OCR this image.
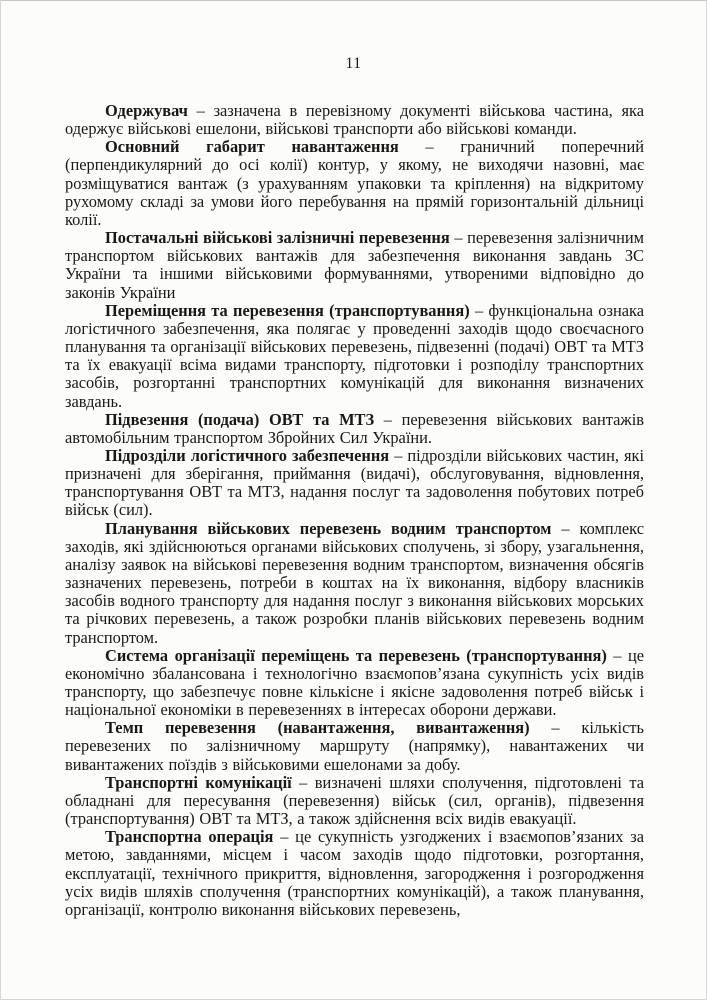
11

Одержувач – зазначена в перевізному документі військова частина, яка одержує військові ешелони, військові транспорти або військові команди.

Основний габарит навантаження – граничний поперечний (перпендикулярний до осі колії) контур, у якому, не виходячи назовні, має розміщуватися вантаж (з урахуванням упаковки та кріплення) на відкритому рухомому складі за умови його перебування на прямій горизонтальній дільниці колії.

Постачальні військові залізничні перевезення – перевезення залізничним транспортом військових вантажів для забезпечення виконання завдань ЗС України та іншими військовими формуваннями, утвореними відповідно до законів України

Переміщення та перевезення (транспортування) – функціональна ознака логістичного забезпечення, яка полягає у проведенні заходів щодо своєчасного планування та організації військових перевезень, підвезенні (подачі) ОВТ та МТЗ та їх евакуації всіма видами транспорту, підготовки і розподілу транспортних засобів, розгортанні транспортних комунікацій для виконання визначених завдань.

Підвезення (подача) ОВТ та МТЗ – перевезення військових вантажів автомобільним транспортом Збройних Сил України.

Підрозділи логістичного забезпечення – підрозділи військових частин, які призначені для зберігання, приймання (видачі), обслуговування, відновлення, транспортування ОВТ та МТЗ, надання послуг та задоволення побутових потреб військ (сил).

Планування військових перевезень водним транспортом – комплекс заходів, які здійснюються органами військових сполучень, зі збору, узагальнення, аналізу заявок на військові перевезення водним транспортом, визначення обсягів зазначених перевезень, потреби в коштах на їх виконання, відбору власників засобів водного транспорту для надання послуг з виконання військових морських та річкових перевезень, а також розробки планів військових перевезень водним транспортом.

Система організації переміщень та перевезень (транспортування) – це економічно збалансована і технологічно взаємопов’язана сукупність усіх видів транспорту, що забезпечує повне кількісне і якісне задоволення потреб військ і національної економіки в перевезеннях в інтересах оборони держави.

Темп перевезення (навантаження, вивантаження) – кількість перевезених по залізничному маршруту (напрямку), навантажених чи вивантажених поїздів з військовими ешелонами за добу.

Транспортні комунікації – визначені шляхи сполучення, підготовлені та обладнані для пересування (перевезення) військ (сил, органів), підвезення (транспортування) ОВТ та МТЗ, а також здійснення всіх видів евакуації.

Транспортна операція – це сукупність узгоджених і взаємопов’язаних за метою, завданнями, місцем і часом заходів щодо підготовки, розгортання, експлуатації, технічного прикриття, відновлення, загородження і розгородження усіх видів шляхів сполучення (транспортних комунікацій), а також планування, організації, контролю виконання військових перевезень,
